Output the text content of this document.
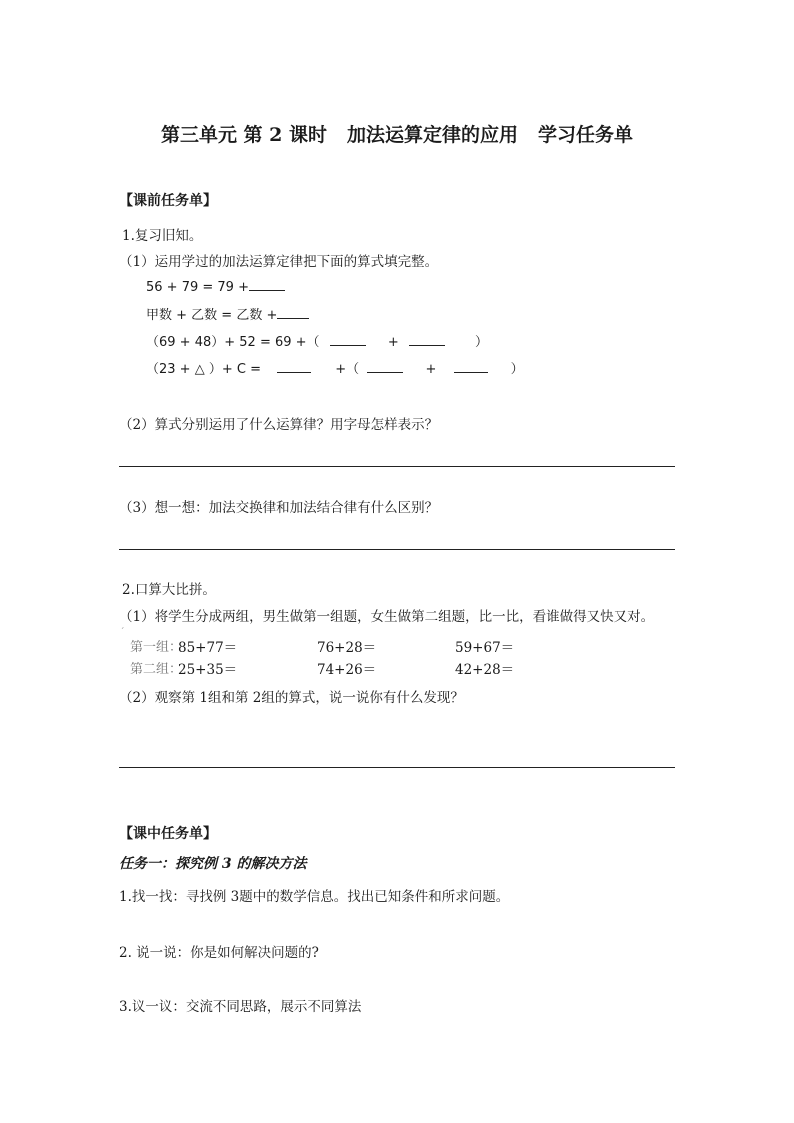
第三单元 第 2 课时 加法运算定律的应用 学习任务单
【课前任务单】
1.复习旧知。
（1）运用学过的加法运算定律把下面的算式填完整。
56 + 79 = 79 +
甲数 + 乙数 = 乙数 +
（69 + 48）+ 52 = 69 +（	+	）
（23 + △ ）+ C =	+（	+	）
（2）算式分别运用了什么运算律？用字母怎样表示？
（3）想一想：加法交换律和加法结合律有什么区别？
2.口算大比拼。
（1）将学生分成两组，男生做第一组题，女生做第二组题，比一比，看谁做得又快又对。
ˊ
第一组：
85+77＝	76+28＝	59+67＝
第二组：
25+35＝	74+26＝	42+28＝
（2）观察第 1组和第 2组的算式，说一说你有什么发现？
【课中任务单】
任务一：探究例 3 的解决方法
1.找一找：寻找例 3题中的数学信息。找出已知条件和所求问题。
2. 说一说：你是如何解决问题的?
3.议一议：交流不同思路，展示不同算法
